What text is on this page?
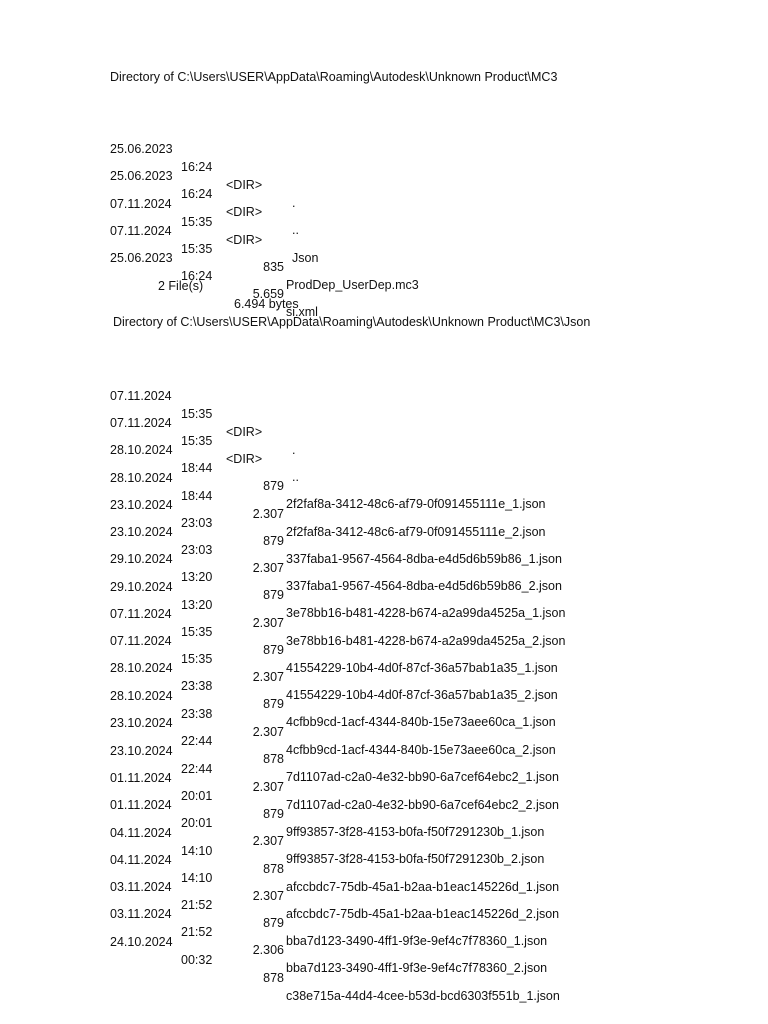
Directory of C:\Users\USER\AppData\Roaming\Autodesk\Unknown Product\MC3

25.06.2023

16:24

<DIR>

.

25.06.2023

16:24

<DIR>

..

07.11.2024

15:35

<DIR>

Json

07.11.2024

15:35

835

ProdDep_UserDep.mc3

25.06.2023

16:24

5.659

si.xml

2 File(s)

6.494 bytes

Directory of C:\Users\USER\AppData\Roaming\Autodesk\Unknown Product\MC3\Json

07.11.2024

15:35

<DIR>

.

07.11.2024

15:35

<DIR>

..

28.10.2024

18:44

879

2f2faf8a-3412-48c6-af79-0f091455111e_1.json

28.10.2024

18:44

2.307

2f2faf8a-3412-48c6-af79-0f091455111e_2.json

23.10.2024

23:03

879

337faba1-9567-4564-8dba-e4d5d6b59b86_1.json

23.10.2024

23:03

2.307

337faba1-9567-4564-8dba-e4d5d6b59b86_2.json

29.10.2024

13:20

879

3e78bb16-b481-4228-b674-a2a99da4525a_1.json

29.10.2024

13:20

2.307

3e78bb16-b481-4228-b674-a2a99da4525a_2.json

07.11.2024

15:35

879

41554229-10b4-4d0f-87cf-36a57bab1a35_1.json

07.11.2024

15:35

2.307

41554229-10b4-4d0f-87cf-36a57bab1a35_2.json

28.10.2024

23:38

879

4cfbb9cd-1acf-4344-840b-15e73aee60ca_1.json

28.10.2024

23:38

2.307

4cfbb9cd-1acf-4344-840b-15e73aee60ca_2.json

23.10.2024

22:44

878

7d1107ad-c2a0-4e32-bb90-6a7cef64ebc2_1.json

23.10.2024

22:44

2.307

7d1107ad-c2a0-4e32-bb90-6a7cef64ebc2_2.json

01.11.2024

20:01

879

9ff93857-3f28-4153-b0fa-f50f7291230b_1.json

01.11.2024

20:01

2.307

9ff93857-3f28-4153-b0fa-f50f7291230b_2.json

04.11.2024

14:10

878

afccbdc7-75db-45a1-b2aa-b1eac145226d_1.json

04.11.2024

14:10

2.307

afccbdc7-75db-45a1-b2aa-b1eac145226d_2.json

03.11.2024

21:52

879

bba7d123-3490-4ff1-9f3e-9ef4c7f78360_1.json

03.11.2024

21:52

2.306

bba7d123-3490-4ff1-9f3e-9ef4c7f78360_2.json

24.10.2024

00:32

878

c38e715a-44d4-4cee-b53d-bcd6303f551b_1.json
